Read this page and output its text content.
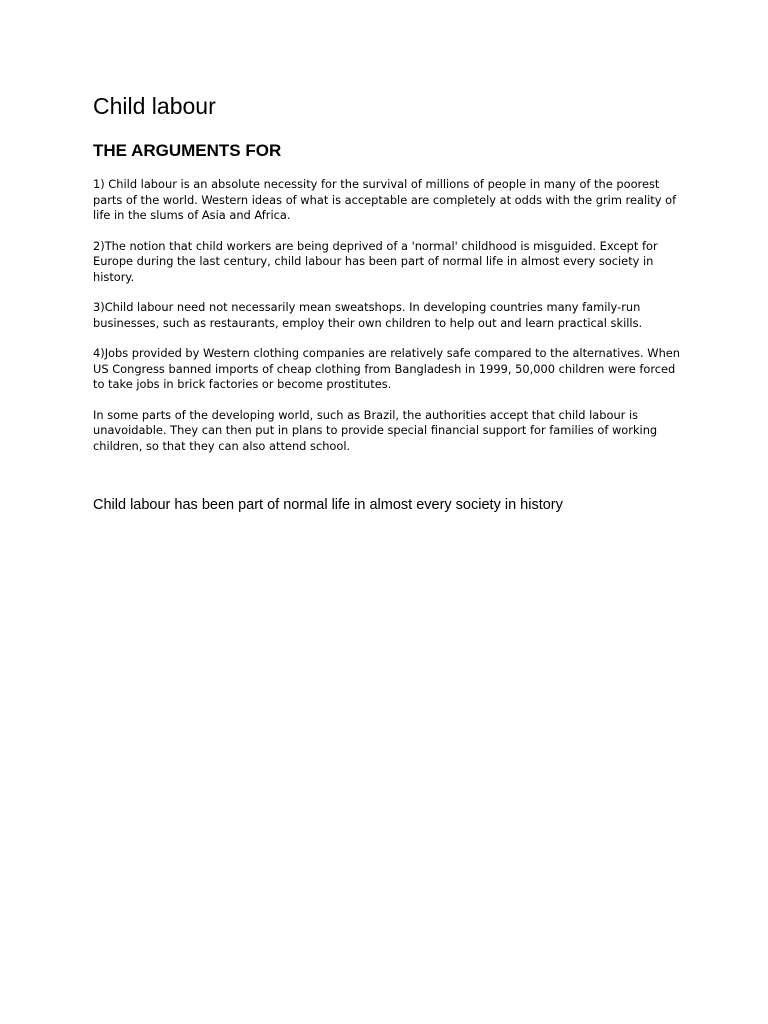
Child labour
THE ARGUMENTS FOR

1) Child labour is an absolute necessity for the survival of millions of people in many of the poorest parts of the world. Western ideas of what is acceptable are completely at odds with the grim reality of life in the slums of Asia and Africa.

2)The notion that child workers are being deprived of a 'normal' childhood is misguided. Except for Europe during the last century, child labour has been part of normal life in almost every society in history.

3)Child labour need not necessarily mean sweatshops. In developing countries many family-run businesses, such as restaurants, employ their own children to help out and learn practical skills.

4)Jobs provided by Western clothing companies are relatively safe compared to the alternatives. When US Congress banned imports of cheap clothing from Bangladesh in 1999, 50,000 children were forced to take jobs in brick factories or become prostitutes.

In some parts of the developing world, such as Brazil, the authorities accept that child labour is unavoidable. They can then put in plans to provide special financial support for families of working children, so that they can also attend school.

Child labour has been part of normal life in almost every society in history
